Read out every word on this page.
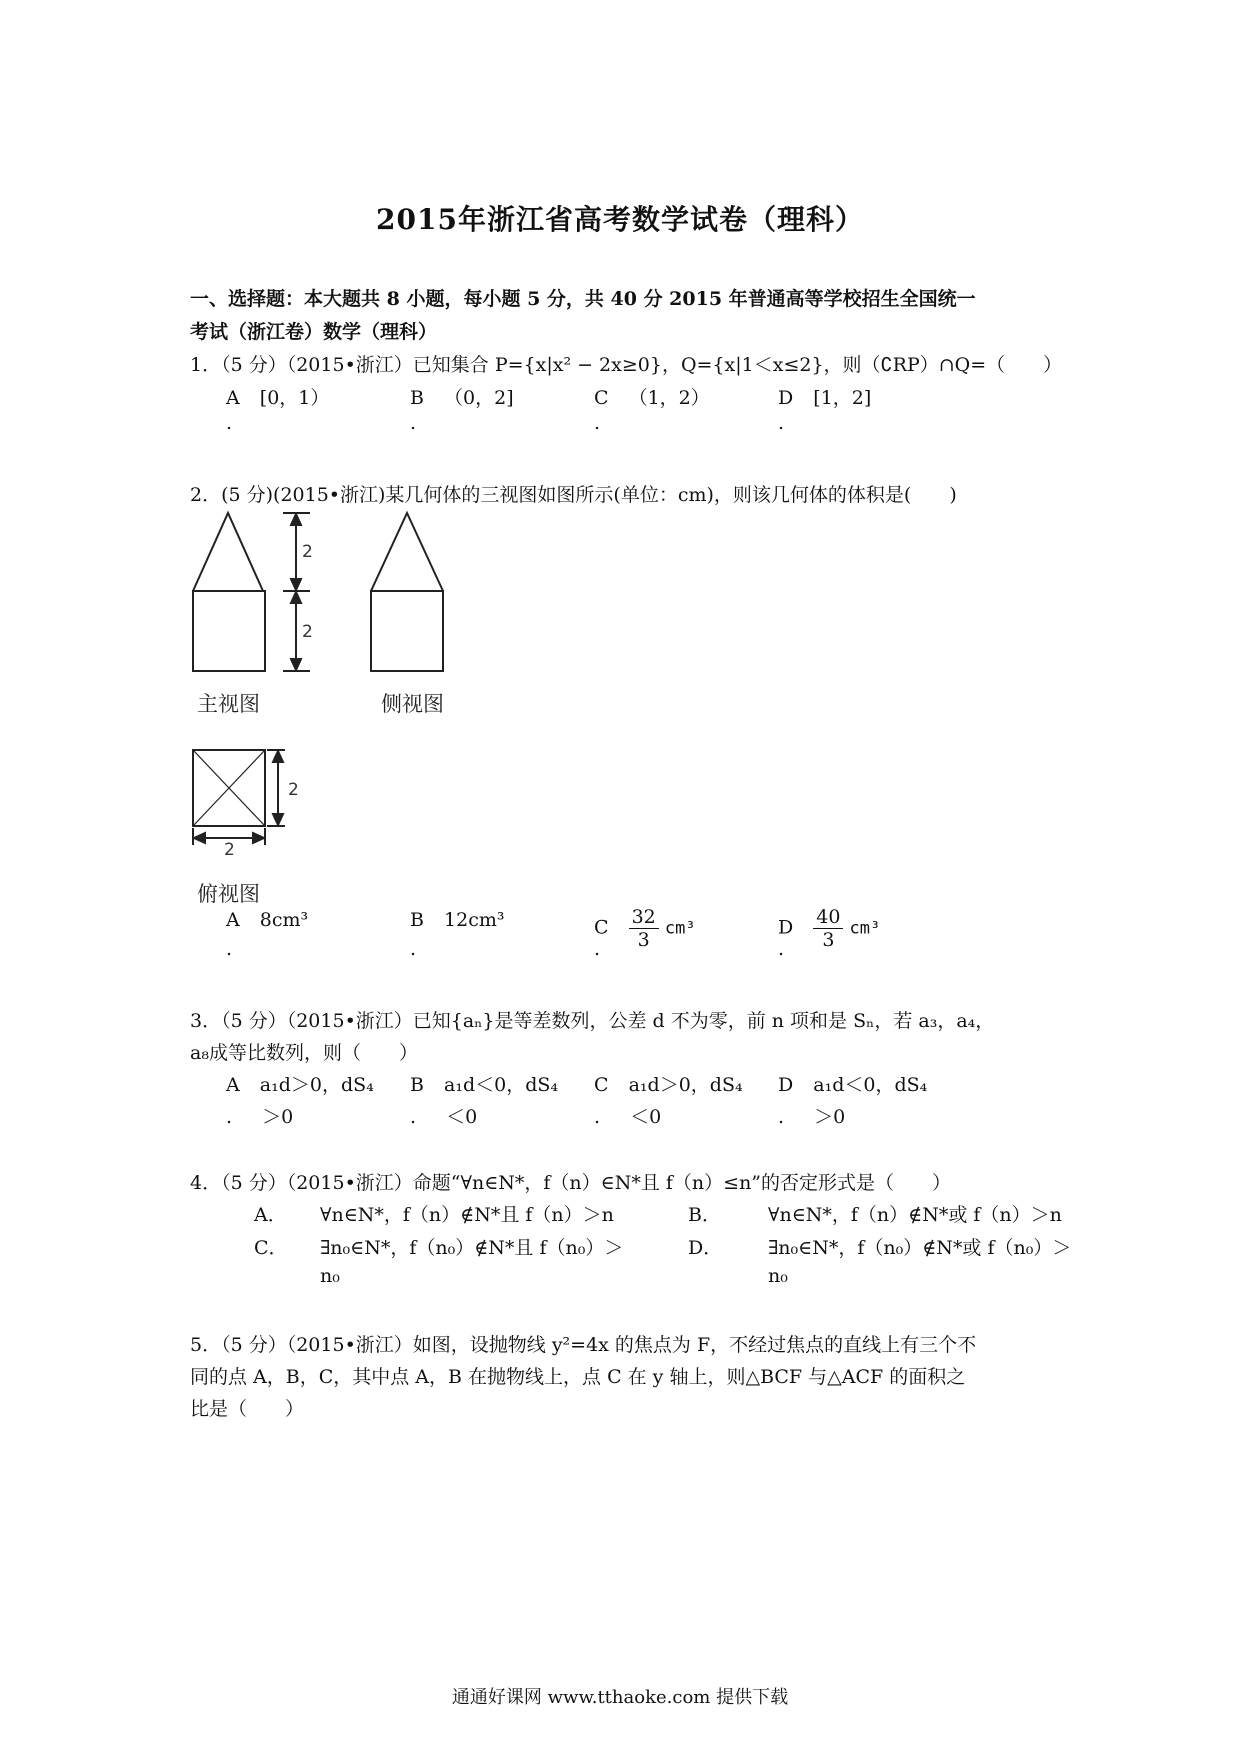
2015年浙江省高考数学试卷（理科）
一、选择题：本大题共 8 小题，每小题 5 分，共 40 分 2015 年普通高等学校招生全国统一
考试（浙江卷）数学（理科）
1．（5 分）（2015•浙江）已知集合 P={x|x² − 2x≥0}，Q={x|1＜x≤2}，则（∁RP）∩Q=（　　）
A [0，1）	B （0，2]	C （1，2）	D [1，2]
.	.	.	.
2．(5 分)(2015•浙江)某几何体的三视图如图所示(单位：cm)，则该几何体的体积是(　　)
2
2
2
2
主视图	侧视图
俯视图
A 8cm³	B 12cm³	C $\frac{32}{3} cm^3$	D $\frac{40}{3} cm^3$
.	.	.	.
3．（5 分）（2015•浙江）已知{aₙ}是等差数列，公差 d 不为零，前 n 项和是 Sₙ，若 a₃，a₄，
a₈成等比数列，则（　　）
A a₁d＞0，dS₄ B a₁d＜0，dS₄ C a₁d＞0，dS₄ D a₁d＜0，dS₄
. ＞0	. ＜0	. ＜0	. ＞0
4．（5 分）（2015•浙江）命题“∀n∈N*，f（n）∈N*且 f（n）≤n”的否定形式是（　　）
A． ∀n∈N*，f（n）∉N*且 f（n）＞n	B． ∀n∈N*，f（n）∉N*或 f（n）＞n
C． ∃n₀∈N*，f（n₀）∉N*且 f（n₀）＞
n₀
D． ∃n₀∈N*，f（n₀）∉N*或 f（n₀）＞
n₀
5．（5 分）（2015•浙江）如图，设抛物线 y²=4x 的焦点为 F，不经过焦点的直线上有三个不
同的点 A，B，C，其中点 A，B 在抛物线上，点 C 在 y 轴上，则△BCF 与△ACF 的面积之
比是（　　）
通通好课网 www.tthaoke.com 提供下载
